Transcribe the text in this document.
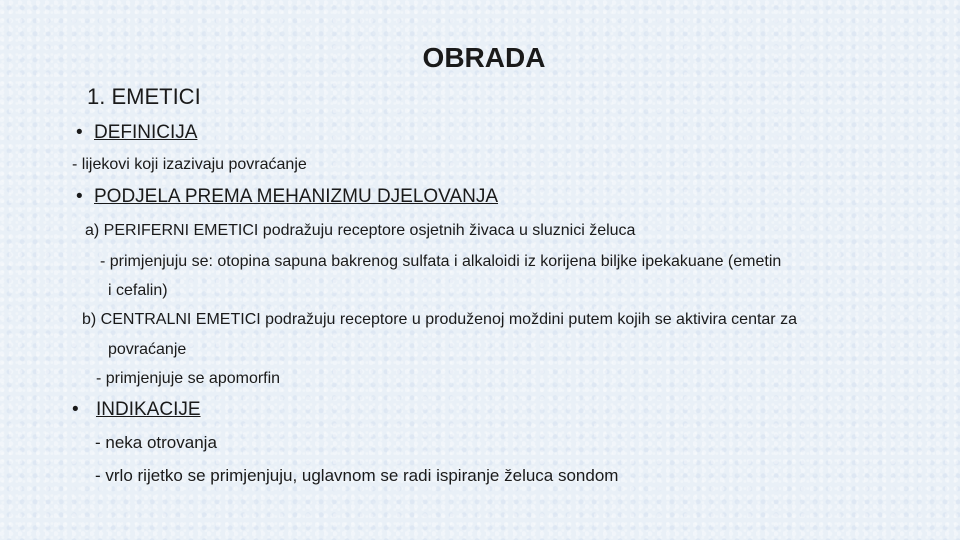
OBRADA
1. EMETICI
• DEFINICIJA
- lijekovi koji izazivaju povraćanje
• PODJELA PREMA MEHANIZMU DJELOVANJA
a) PERIFERNI EMETICI podražuju receptore osjetnih živaca u sluznici želuca
- primjenjuju se: otopina sapuna bakrenog sulfata i alkaloidi iz korijena biljke ipekakuane (emetin
i cefalin)
b) CENTRALNI EMETICI podražuju receptore u produženoj moždini putem kojih se aktivira centar za
povraćanje
- primjenjuje se apomorfin
• INDIKACIJE
- neka otrovanja
- vrlo rijetko se primjenjuju, uglavnom se radi ispiranje želuca sondom
